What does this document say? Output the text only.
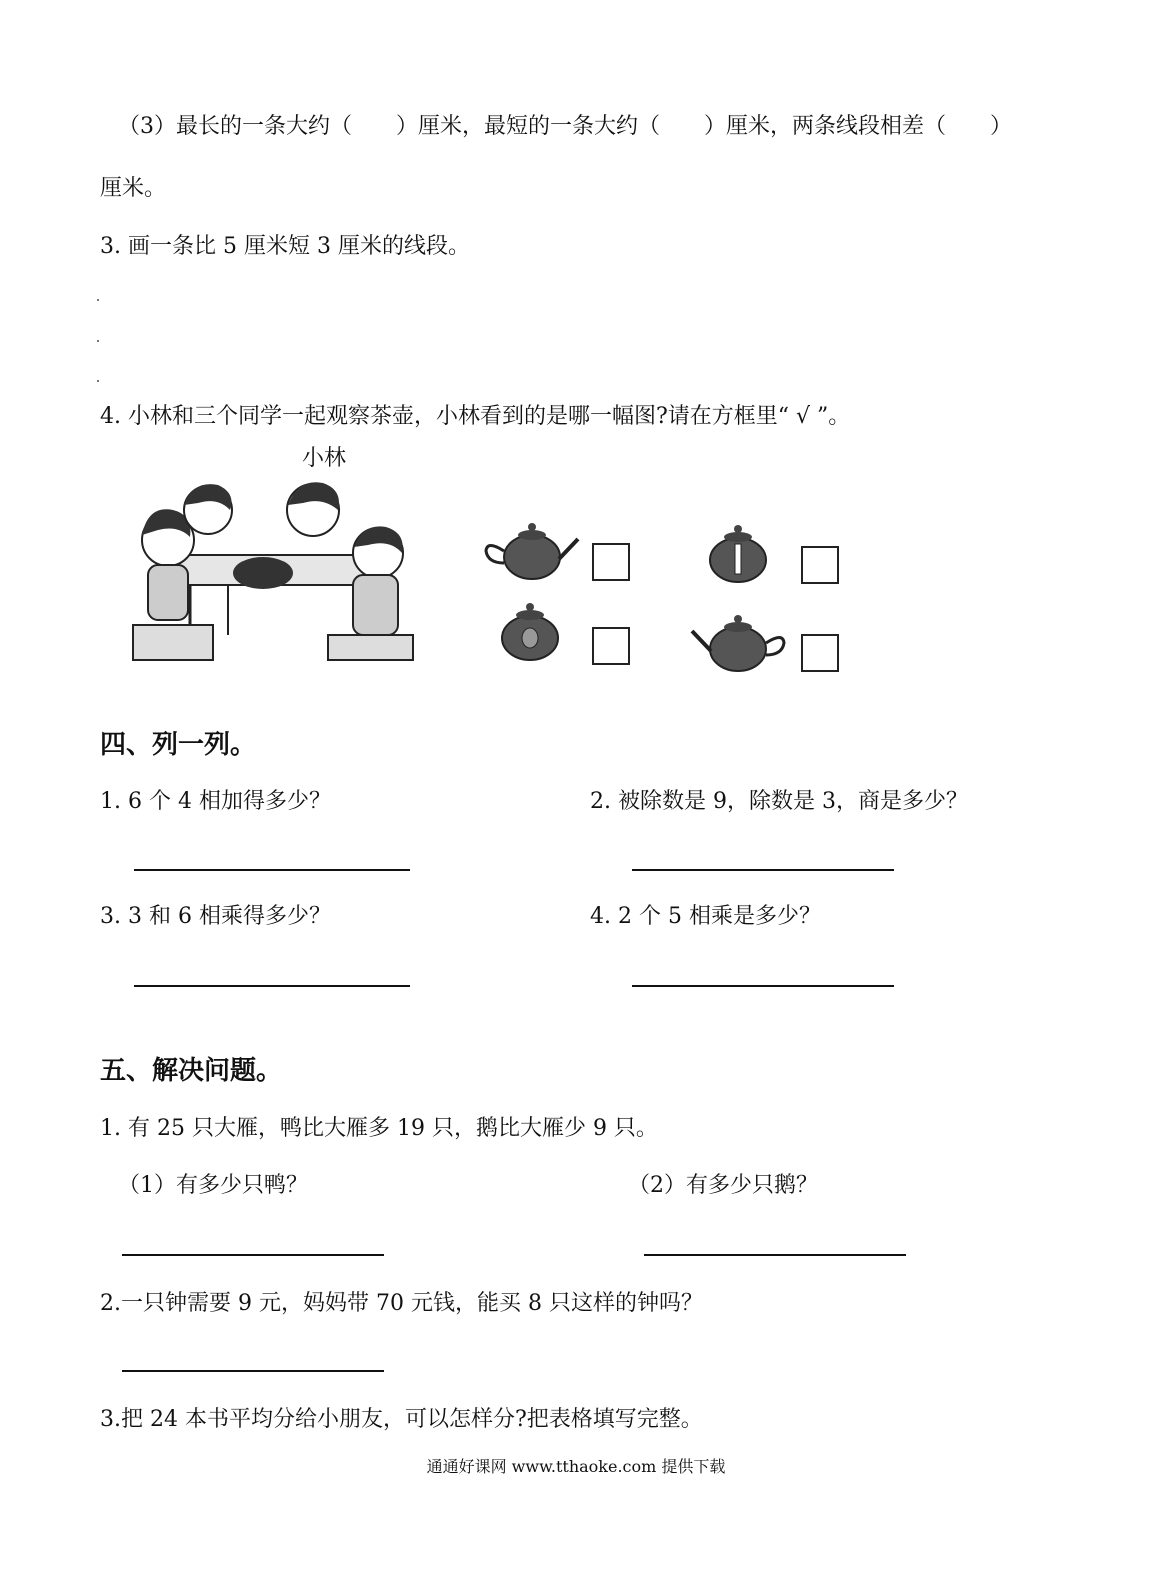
（3）最长的一条大约（　　）厘米，最短的一条大约（　　）厘米，两条线段相差（　　）
厘米。
3. 画一条比 5 厘米短 3 厘米的线段。
4. 小林和三个同学一起观察茶壶，小林看到的是哪一幅图?请在方框里“ √ ”。
小林
四、列一列。
1. 6 个 4 相加得多少？	2. 被除数是 9，除数是 3，商是多少？
3. 3 和 6 相乘得多少？	4. 2 个 5 相乘是多少？
五、解决问题。
1. 有 25 只大雁，鸭比大雁多 19 只，鹅比大雁少 9 只。
（1）有多少只鸭？	（2）有多少只鹅？
2.一只钟需要 9 元，妈妈带 70 元钱，能买 8 只这样的钟吗？
3.把 24 本书平均分给小朋友，可以怎样分?把表格填写完整。
通通好课网 www.tthaoke.com 提供下载
